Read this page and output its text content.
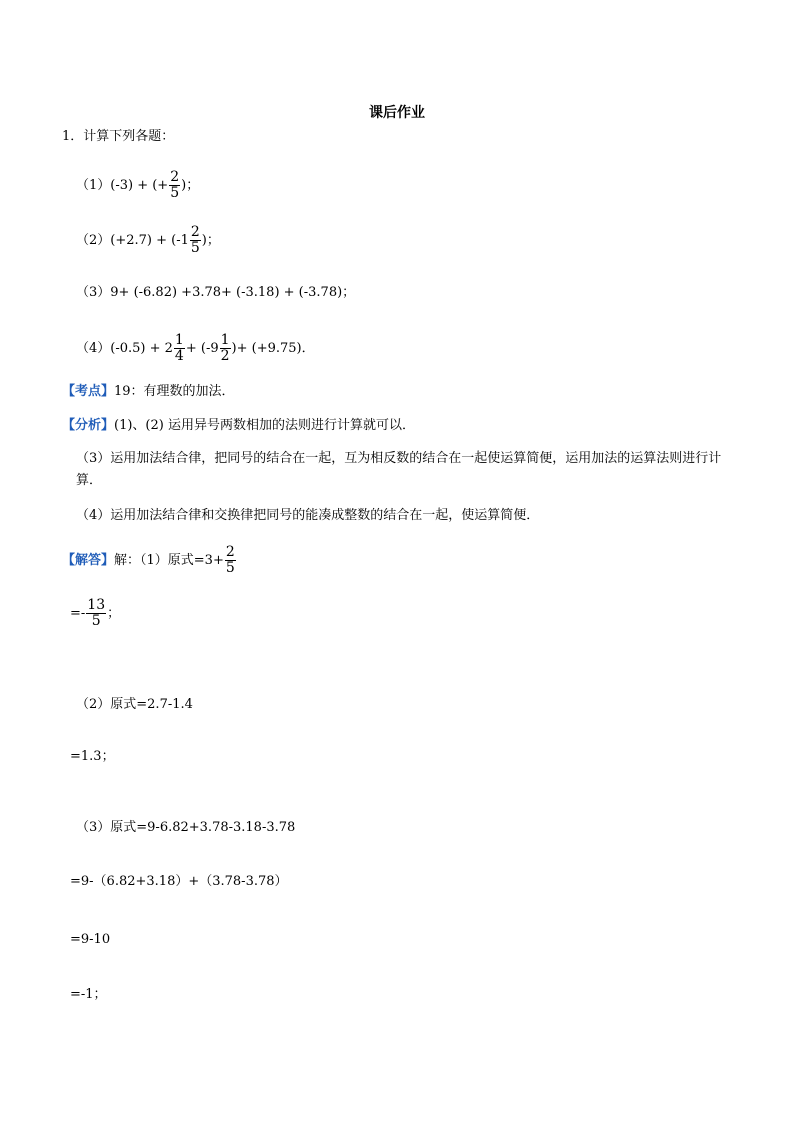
课后作业
1．计算下列各题：
（1）(-3) + (+ $\frac{2}{5}$ )；
$(2)(+2.7) + (-1 \frac{2}{5}$ )；
（3）9+ (-6.82) +3.78+ (-3.18) + (-3.78)；
$(4)(-0.5) + 2 \frac{1}{4} + (-9 \frac{1}{2}$ )+ (+9.75)．
【考点】19：有理数的加法．
【分析】(1)、(2) 运用异号两数相加的法则进行计算就可以．
（3）运用加法结合律，把同号的结合在一起，互为相反数的结合在一起使运算简便，运用加法的运算法则进行计算．
（4）运用加法结合律和交换律把同号的能凑成整数的结合在一起，使运算简便．
【解答】解：（1）原式$=3+ \frac{2}{5}$
=- $\frac{13}{5}$ ；
（2）原式=2.7-1.4
=1.3；
（3）原式=9-6.82+3.78-3.18-3.78
=9-（6.82+3.18）+（3.78-3.78）
=9-10
=-1；
